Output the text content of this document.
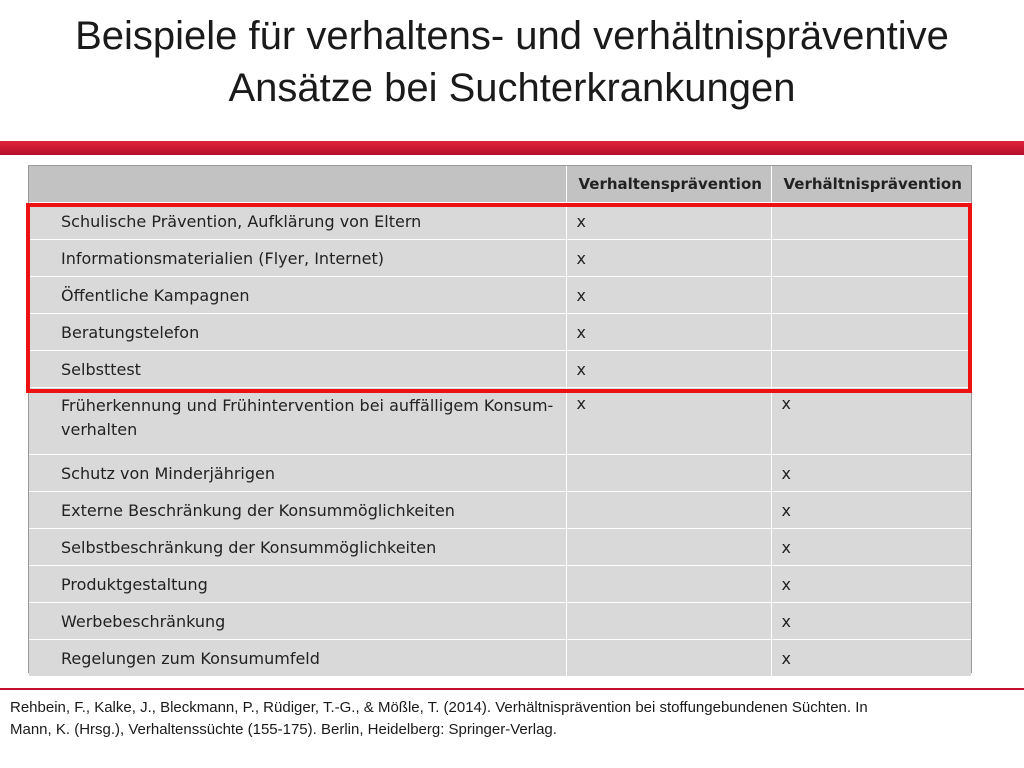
Beispiele für verhaltens- und verhältnispräventive
Ansätze bei Suchterkrankungen
	Verhaltensprävention	Verhältnisprävention
Schulische Prävention, Aufklärung von Eltern	x	
Informationsmaterialien (Flyer, Internet)	x	
Öffentliche Kampagnen	x	
Beratungstelefon	x	
Selbsttest	x	
Früherkennung und Frühintervention bei auffälligem Konsum-verhalten	x	x
Schutz von Minderjährigen		x
Externe Beschränkung der Konsummöglichkeiten		x
Selbstbeschränkung der Konsummöglichkeiten		x
Produktgestaltung		x
Werbebeschränkung		x
Regelungen zum Konsumumfeld		x
Rehbein, F., Kalke, J., Bleckmann, P., Rüdiger, T.-G., & Mößle, T. (2014). Verhältnisprävention bei stoffungebundenen Süchten. In
Mann, K. (Hrsg.), Verhaltenssüchte (155-175). Berlin, Heidelberg: Springer-Verlag.
